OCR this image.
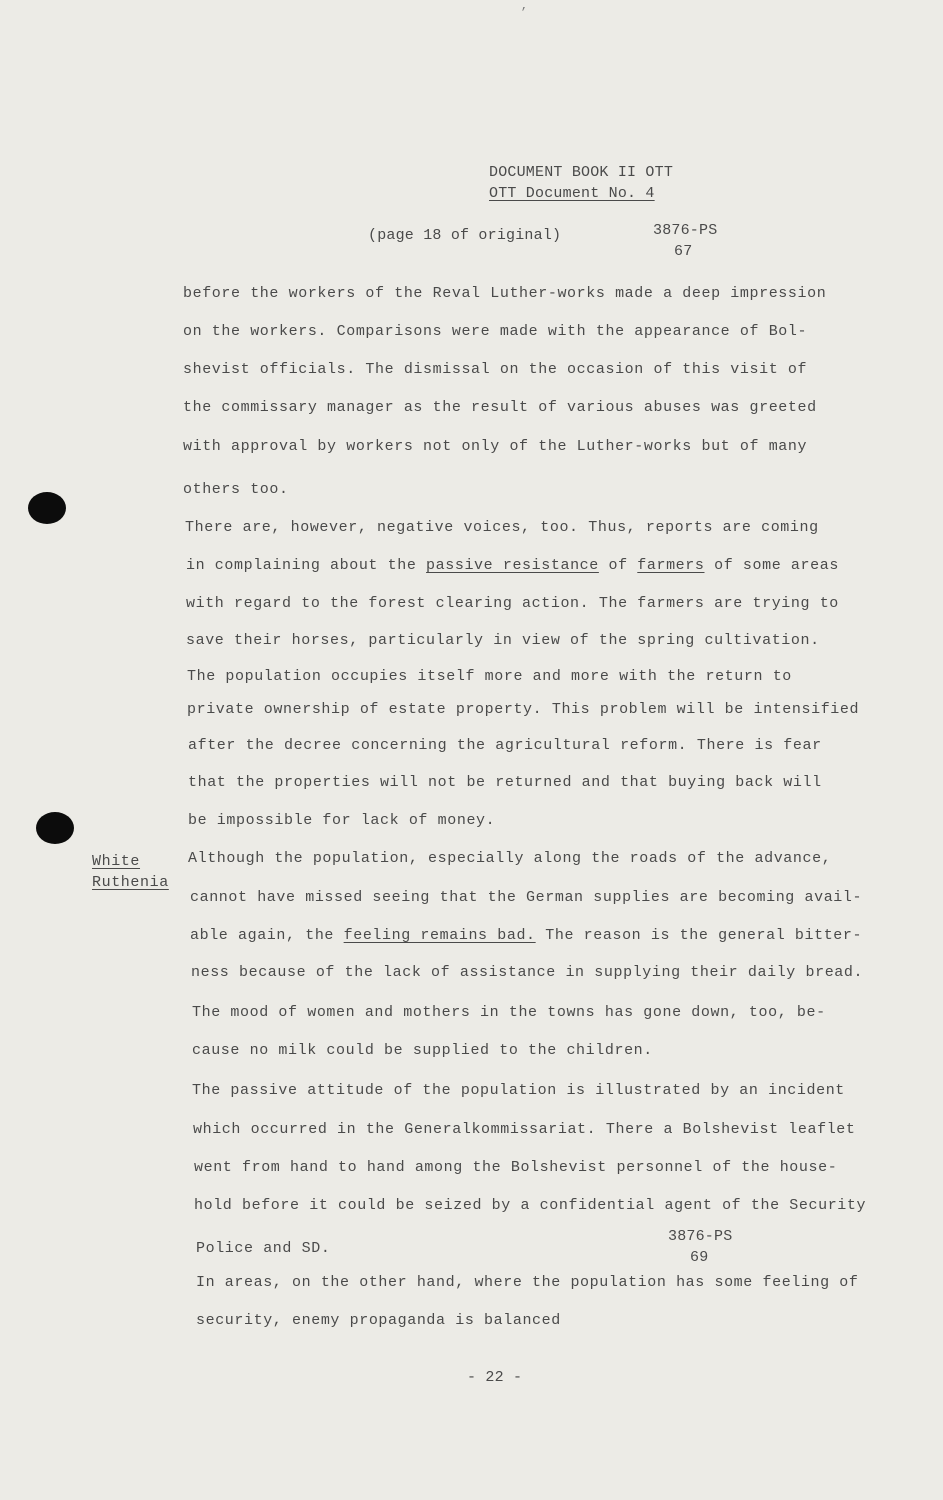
’
DOCUMENT BOOK II OTT
OTT Document No. 4
(page 18 of original)	3876-PS
67
White
Ruthenia
before the workers of the Reval Luther-works made a deep impression
on the workers. Comparisons were made with the appearance of Bol-
shevist officials. The dismissal on the occasion of this visit of
the commissary manager as the result of various abuses was greeted
with approval by workers not only of the Luther-works but of many
others too.
There are, however, negative voices, too. Thus, reports are coming
in complaining about the passive resistance of farmers of some areas
with regard to the forest clearing action. The farmers are trying to
save their horses, particularly in view of the spring cultivation.
The population occupies itself more and more with the return to
private ownership of estate property. This problem will be intensified
after the decree concerning the agricultural reform. There is fear
that the properties will not be returned and that buying back will
be impossible for lack of money.
Although the population, especially along the roads of the advance,
cannot have missed seeing that the German supplies are becoming avail-
able again, the feeling remains bad. The reason is the general bitter-
ness because of the lack of assistance in supplying their daily bread.
The mood of women and mothers in the towns has gone down, too, be-
cause no milk could be supplied to the children.
The passive attitude of the population is illustrated by an incident
which occurred in the Generalkommissariat. There a Bolshevist leaflet
went from hand to hand among the Bolshevist personnel of the house-
hold before it could be seized by a confidential agent of the Security
Police and SD.
3876-PS
69
In areas, on the other hand, where the population has some feeling of
security, enemy propaganda is balanced
- 22 -
